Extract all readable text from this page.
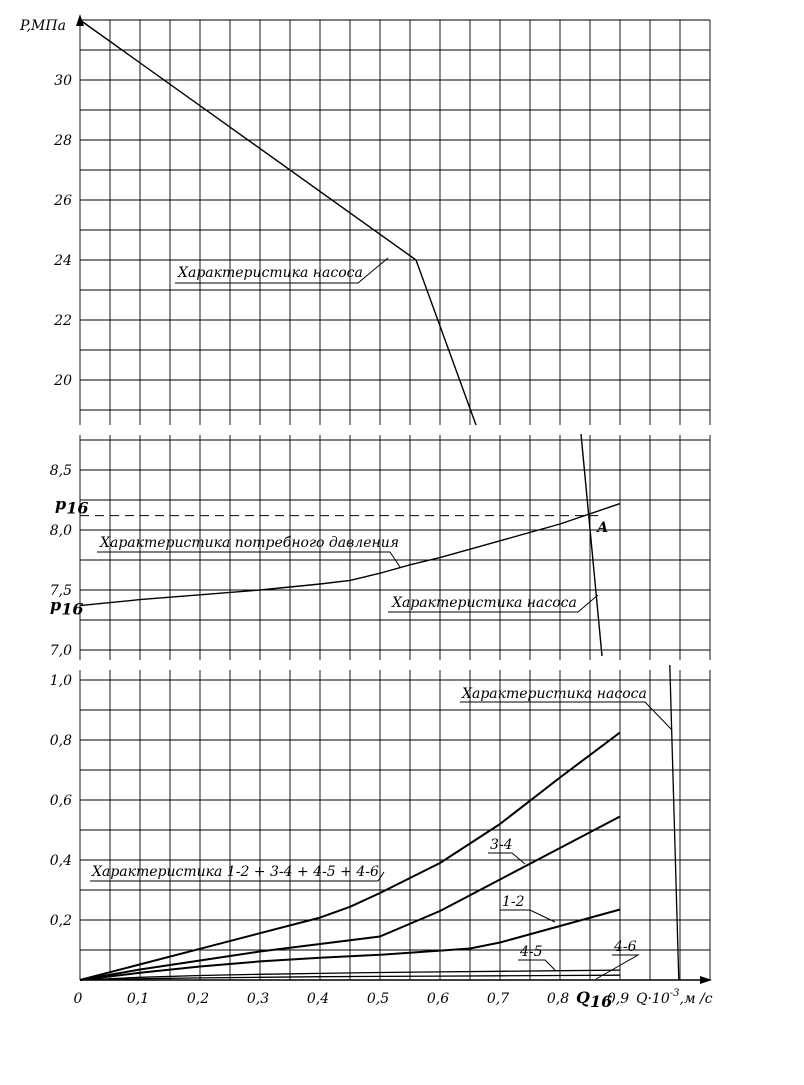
20
22
24
26
28
30
7,0
7,5
8,0
8,5
0,2
0,4
0,6
0,8
1,0
0	0,1	0,2	0,3	0,4	0,5	0,6	0,7	0,8	0,9
P,МПа
$Q\cdot 10^{-3},м$ /с
Характеристика насоса
Характеристика потребного давления
Характеристика насоса
p16
p16
А
Характеристика 1-2 + 3-4 + 4-5 + 4-6
3-4
1-2
4-5	4-6
Характеристика насоса
Q16
